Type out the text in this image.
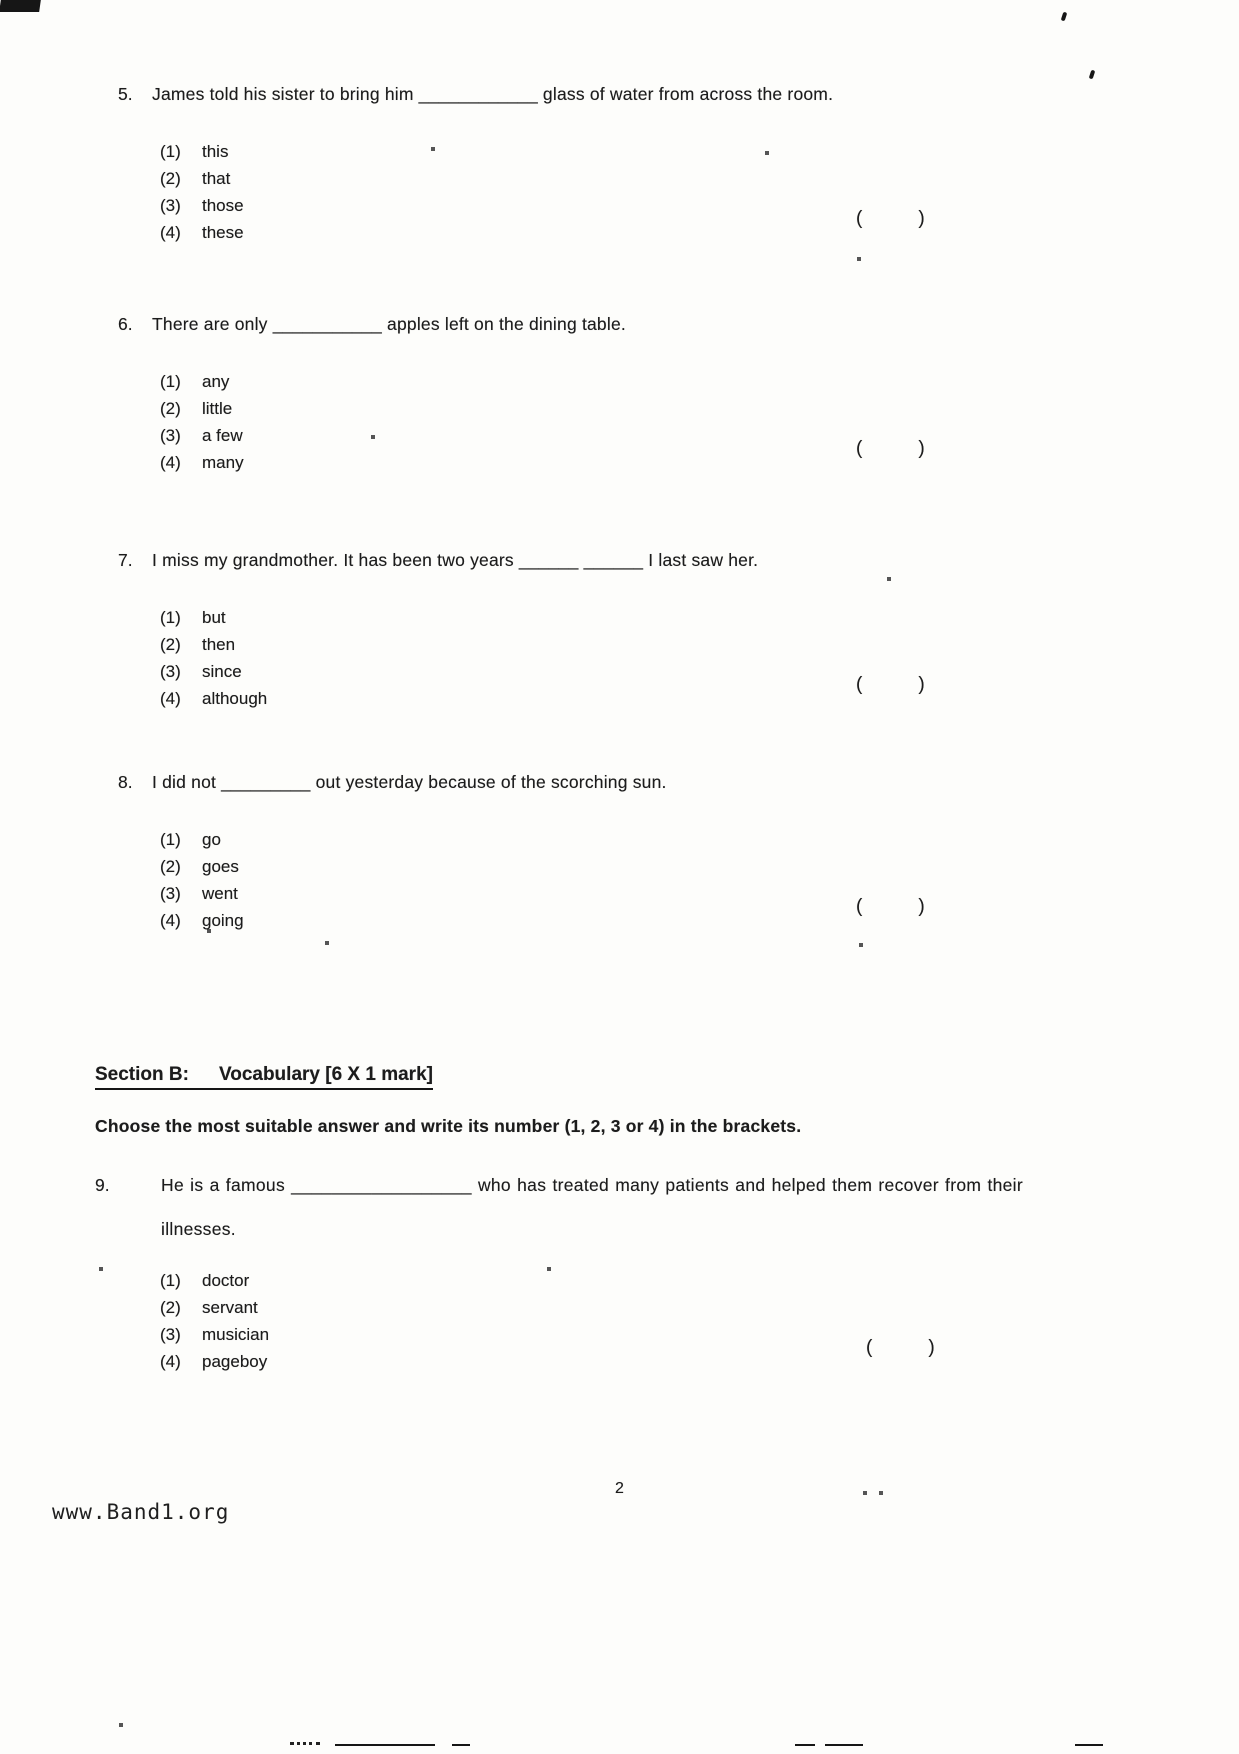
5.	James told his sister to bring him ____________ glass of water from across the room.
(1)	this
(2)	that
(3)	those
(4)	these
(	)
6.	There are only ___________ apples left on the dining table.
(1)	any
(2)	little
(3)	a few
(4)	many
(	)
7.	I miss my grandmother. It has been two years ______ ______ I last saw her.
(1)	but
(2)	then
(3)	since
(4)	although
(	)
8.	I did not _________ out yesterday because of the scorching sun.
(1)	go
(2)	goes
(3)	went
(4)	going
(	)
Section B: Vocabulary [6 X 1 mark]
Choose the most suitable answer and write its number (1, 2, 3 or 4) in the brackets.
9.	He is a famous __________________ who has treated many patients and helped them recover from their illnesses.
(1)	doctor
(2)	servant
(3)	musician
(4)	pageboy
(	)
2
www.Band1.org
